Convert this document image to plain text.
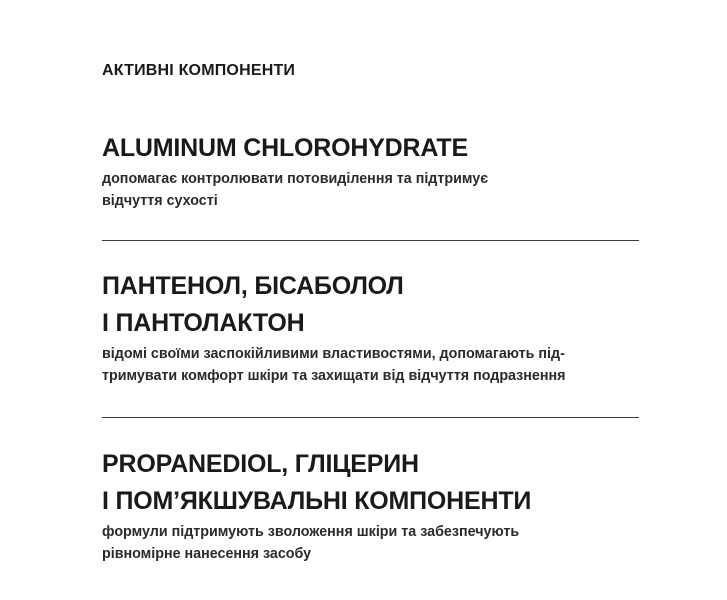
АКТИВНІ КОМПОНЕНТИ
ALUMINUM CHLOROHYDRATE

допомагає контролювати потовиділення та підтримує
відчуття сухості

ПАНТЕНОЛ, БІСАБОЛОЛ
І ПАНТОЛАКТОН

відомі своїми заспокійливими властивостями, допомагають під-
тримувати комфорт шкіри та захищати від відчуття подразнення

PROPANEDIOL, ГЛІЦЕРИН
І ПОМ’ЯКШУВАЛЬНІ КОМПОНЕНТИ

формули підтримують зволоження шкіри та забезпечують
рівномірне нанесення засобу
